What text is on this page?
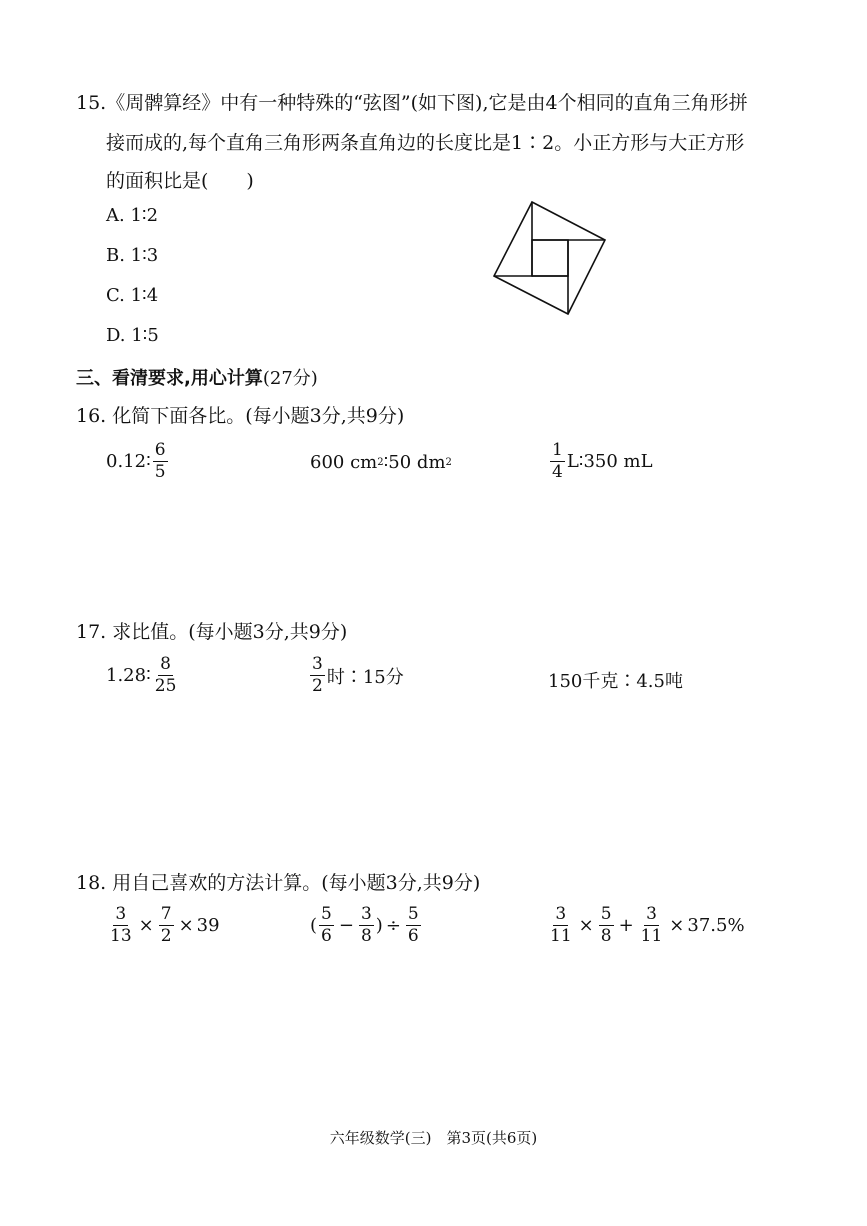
15.《周髀算经》中有一种特殊的“弦图”(如下图),它是由4个相同的直角三角形拼
接而成的,每个直角三角形两条直角边的长度比是1∶2。小正方形与大正方形
的面积比是(　　)
A. 1∶2
B. 1∶3
C. 1∶4
D. 1∶5
三、看清要求,用心计算(27分)
16. 化简下面各比。(每小题3分,共9分)
0.12∶ $\frac{6}{5}$	600 cm 2 ∶50 dm 2	$\frac{1}{4}$ L∶350 mL
17. 求比值。(每小题3分,共9分)
1.28∶ $\frac{8}{25}$	$\frac{3}{2}$ 时∶15分	150千克∶4.5吨
18. 用自己喜欢的方法计算。(每小题3分,共9分)
$\frac{3}{13} \times \frac{7}{2} \times 39$	( $\frac{5}{6} - \frac{3}{8}$ ) ÷ $\frac{5}{6}$	$\frac{3}{11} \times \frac{5}{8} + \frac{3}{11} \times 37.5\%$
六年级数学(三)　第3页(共6页)
